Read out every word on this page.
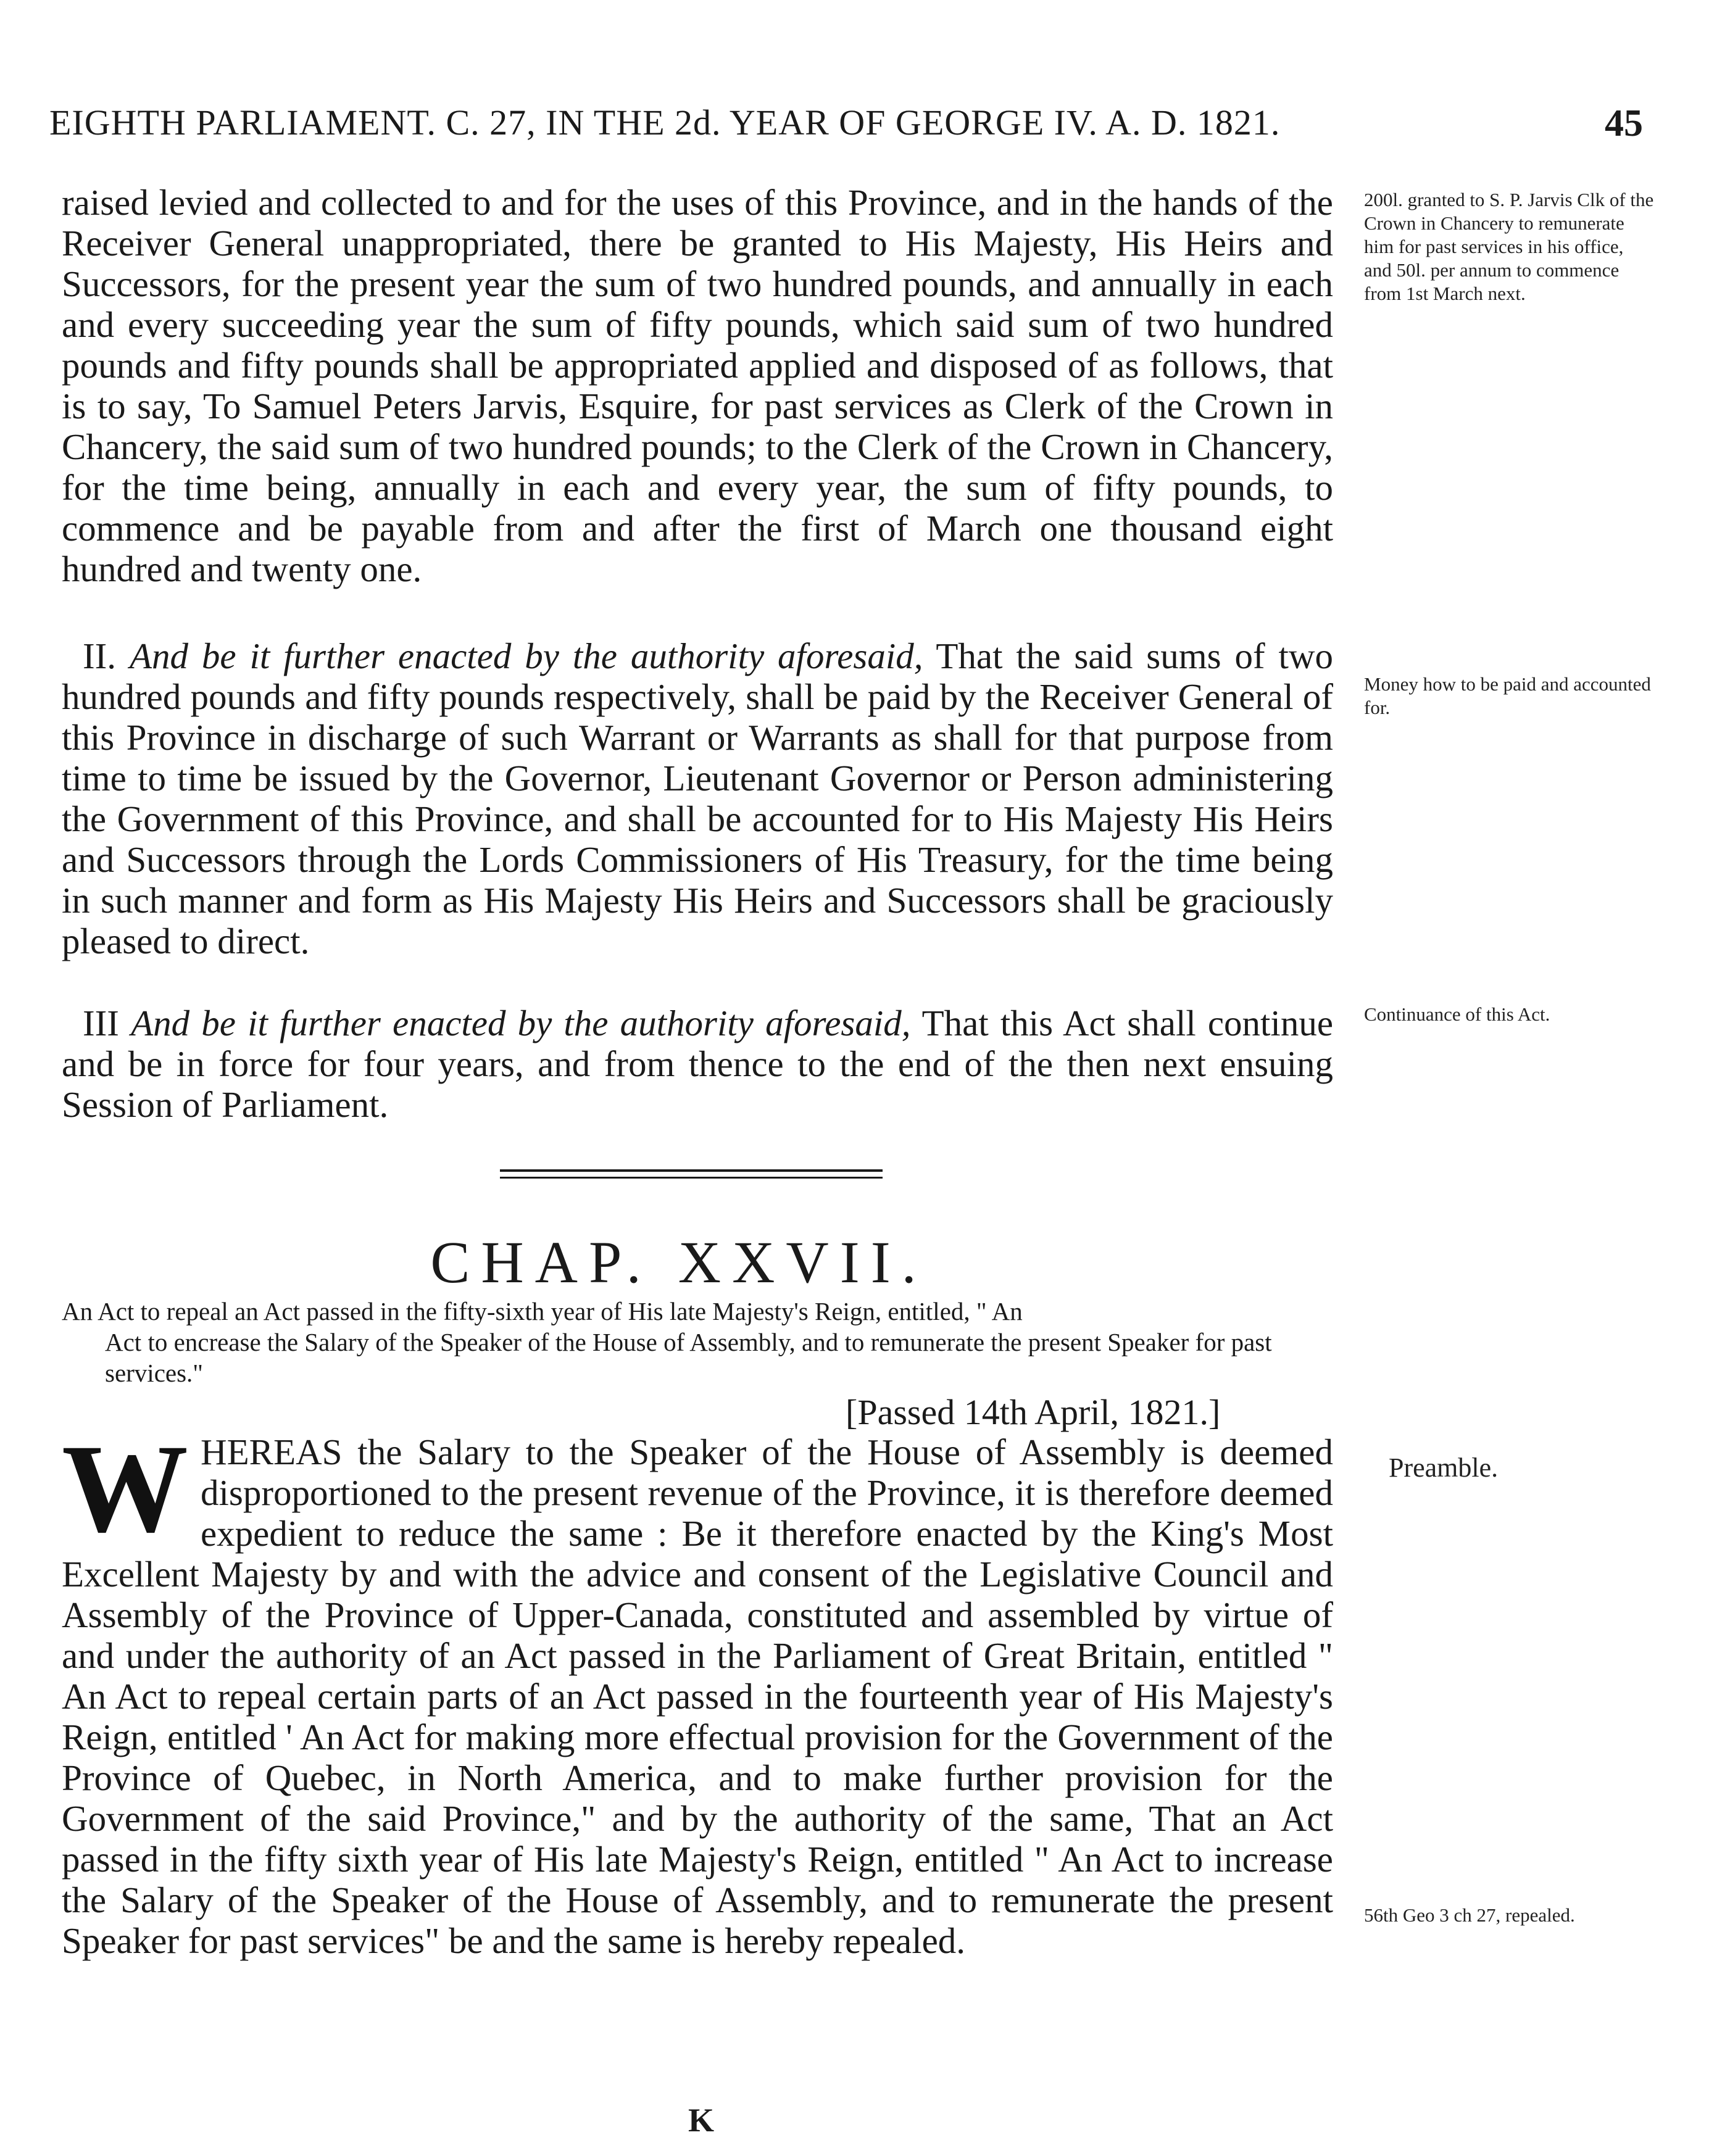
EIGHTH PARLIAMENT. C. 27, IN THE 2d. YEAR OF GEORGE IV. A. D. 1821.	45

raised levied and collected to and for the uses of this Province, and in the hands of the Receiver General unappropriated, there be granted to His Majesty, His Heirs and Successors, for the present year the sum of two hundred pounds, and annually in each and every succeeding year the sum of fifty pounds, which said sum of two hundred pounds and fifty pounds shall be appropriated applied and disposed of as follows, that is to say, To Samuel Peters Jarvis, Esquire, for past services as Clerk of the Crown in Chancery, the said sum of two hundred pounds; to the Clerk of the Crown in Chancery, for the time being, annually in each and every year, the sum of fifty pounds, to commence and be payable from and after the first of March one thousand eight hundred and twenty one.

II. And be it further enacted by the authority aforesaid, That the said sums of two hundred pounds and fifty pounds respectively, shall be paid by the Receiver General of this Province in discharge of such Warrant or Warrants as shall for that purpose from time to time be issued by the Governor, Lieutenant Governor or Person administering the Government of this Province, and shall be accounted for to His Majesty His Heirs and Successors through the Lords Commissioners of His Treasury, for the time being in such manner and form as His Majesty His Heirs and Successors shall be graciously pleased to direct.

III And be it further enacted by the authority aforesaid, That this Act shall continue and be in force for four years, and from thence to the end of the then next ensuing Session of Parliament.

200l. granted to S. P. Jarvis Clk of the Crown in Chancery to remunerate him for past services in his office, and 50l. per annum to commence from 1st March next.
Money how to be paid and accounted for.
Continuance of this Act.
Preamble.
56th Geo 3 ch 27, repealed.
CHAP. XXVII.
An Act to repeal an Act passed in the fifty-sixth year of His late Majesty's Reign, entitled, " An
Act to encrease the Salary of the Speaker of the House of Assembly, and to remunerate the present Speaker for past services."
[Passed 14th April, 1821.]
W HEREAS the Salary to the Speaker of the House of Assembly is deemed disproportioned to the present revenue of the Province, it is therefore deemed expedient to reduce the same : Be it therefore enacted by the King's Most Excellent Majesty by and with the advice and consent of the Legislative Council and Assembly of the Province of Upper-Canada, constituted and assembled by virtue of and under the authority of an Act passed in the Parliament of Great Britain, entitled " An Act to repeal certain parts of an Act passed in the fourteenth year of His Majesty's Reign, entitled ' An Act for making more effectual provision for the Government of the Province of Quebec, in North America, and to make further provision for the Government of the said Province," and by the authority of the same, That an Act passed in the fifty sixth year of His late Majesty's Reign, entitled " An Act to increase the Salary of the Speaker of the House of Assembly, and to remunerate the present Speaker for past services" be and the same is hereby repealed.
K
